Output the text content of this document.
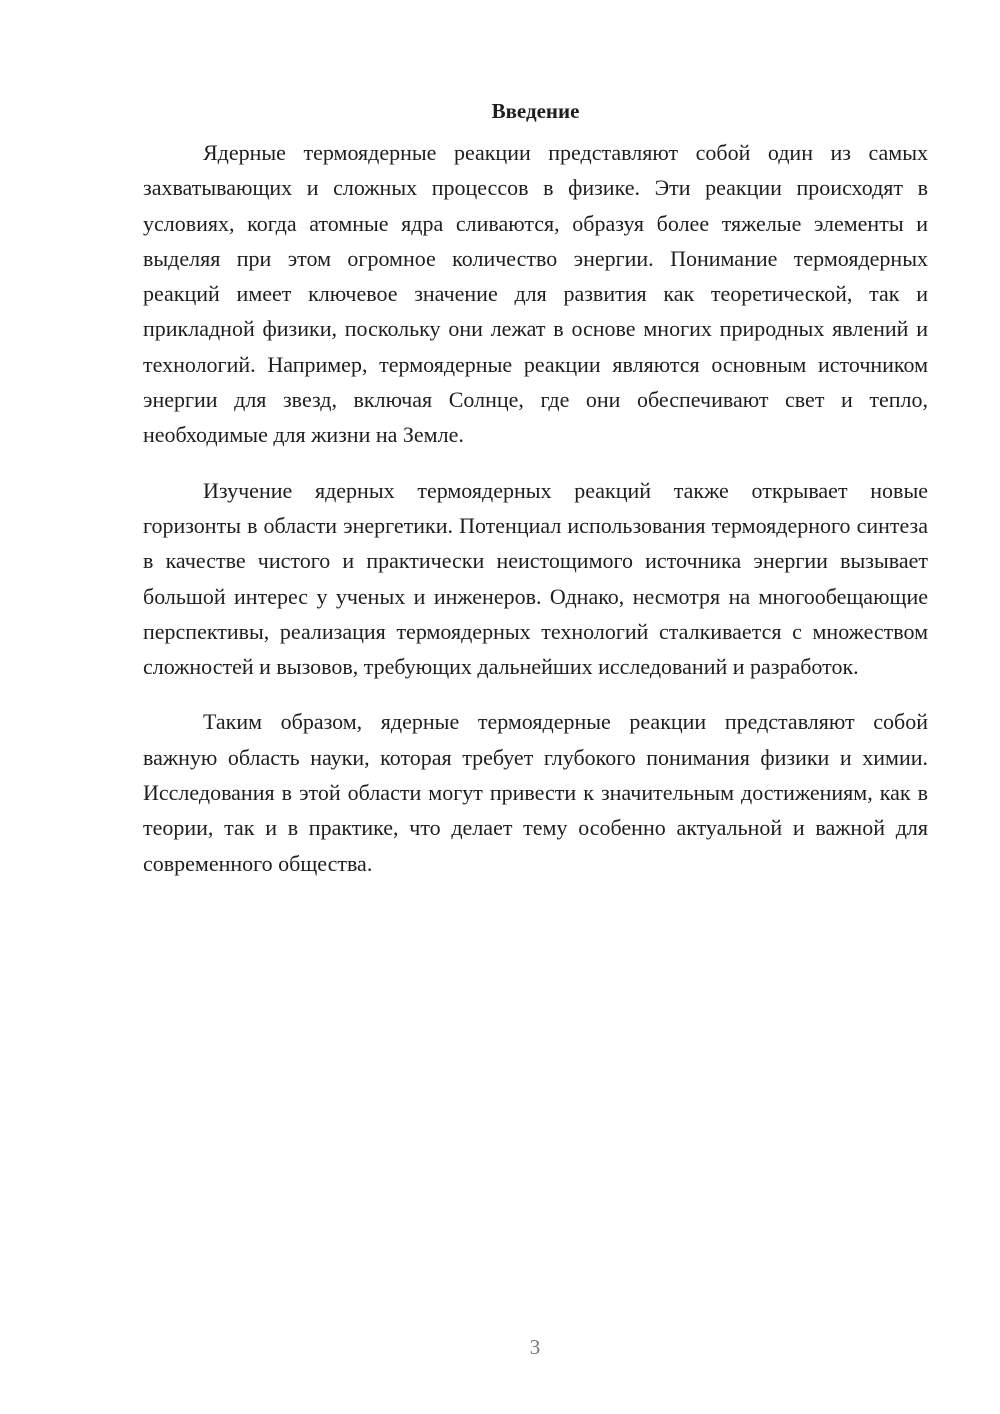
Введение

Ядерные термоядерные реакции представляют собой один из самых захватывающих и сложных процессов в физике. Эти реакции происходят в условиях, когда атомные ядра сливаются, образуя более тяжелые элементы и выделяя при этом огромное количество энергии. Понимание термоядерных реакций имеет ключевое значение для развития как теоретической, так и прикладной физики, поскольку они лежат в основе многих природных явлений и технологий. Например, термоядерные реакции являются основным источником энергии для звезд, включая Солнце, где они обеспечивают свет и тепло, необходимые для жизни на Земле.

Изучение ядерных термоядерных реакций также открывает новые горизонты в области энергетики. Потенциал использования термоядерного синтеза в качестве чистого и практически неистощимого источника энергии вызывает большой интерес у ученых и инженеров. Однако, несмотря на многообещающие перспективы, реализация термоядерных технологий сталкивается с множеством сложностей и вызовов, требующих дальнейших исследований и разработок.

Таким образом, ядерные термоядерные реакции представляют собой важную область науки, которая требует глубокого понимания физики и химии. Исследования в этой области могут привести к значительным достижениям, как в теории, так и в практике, что делает тему особенно актуальной и важной для современного общества.

3
